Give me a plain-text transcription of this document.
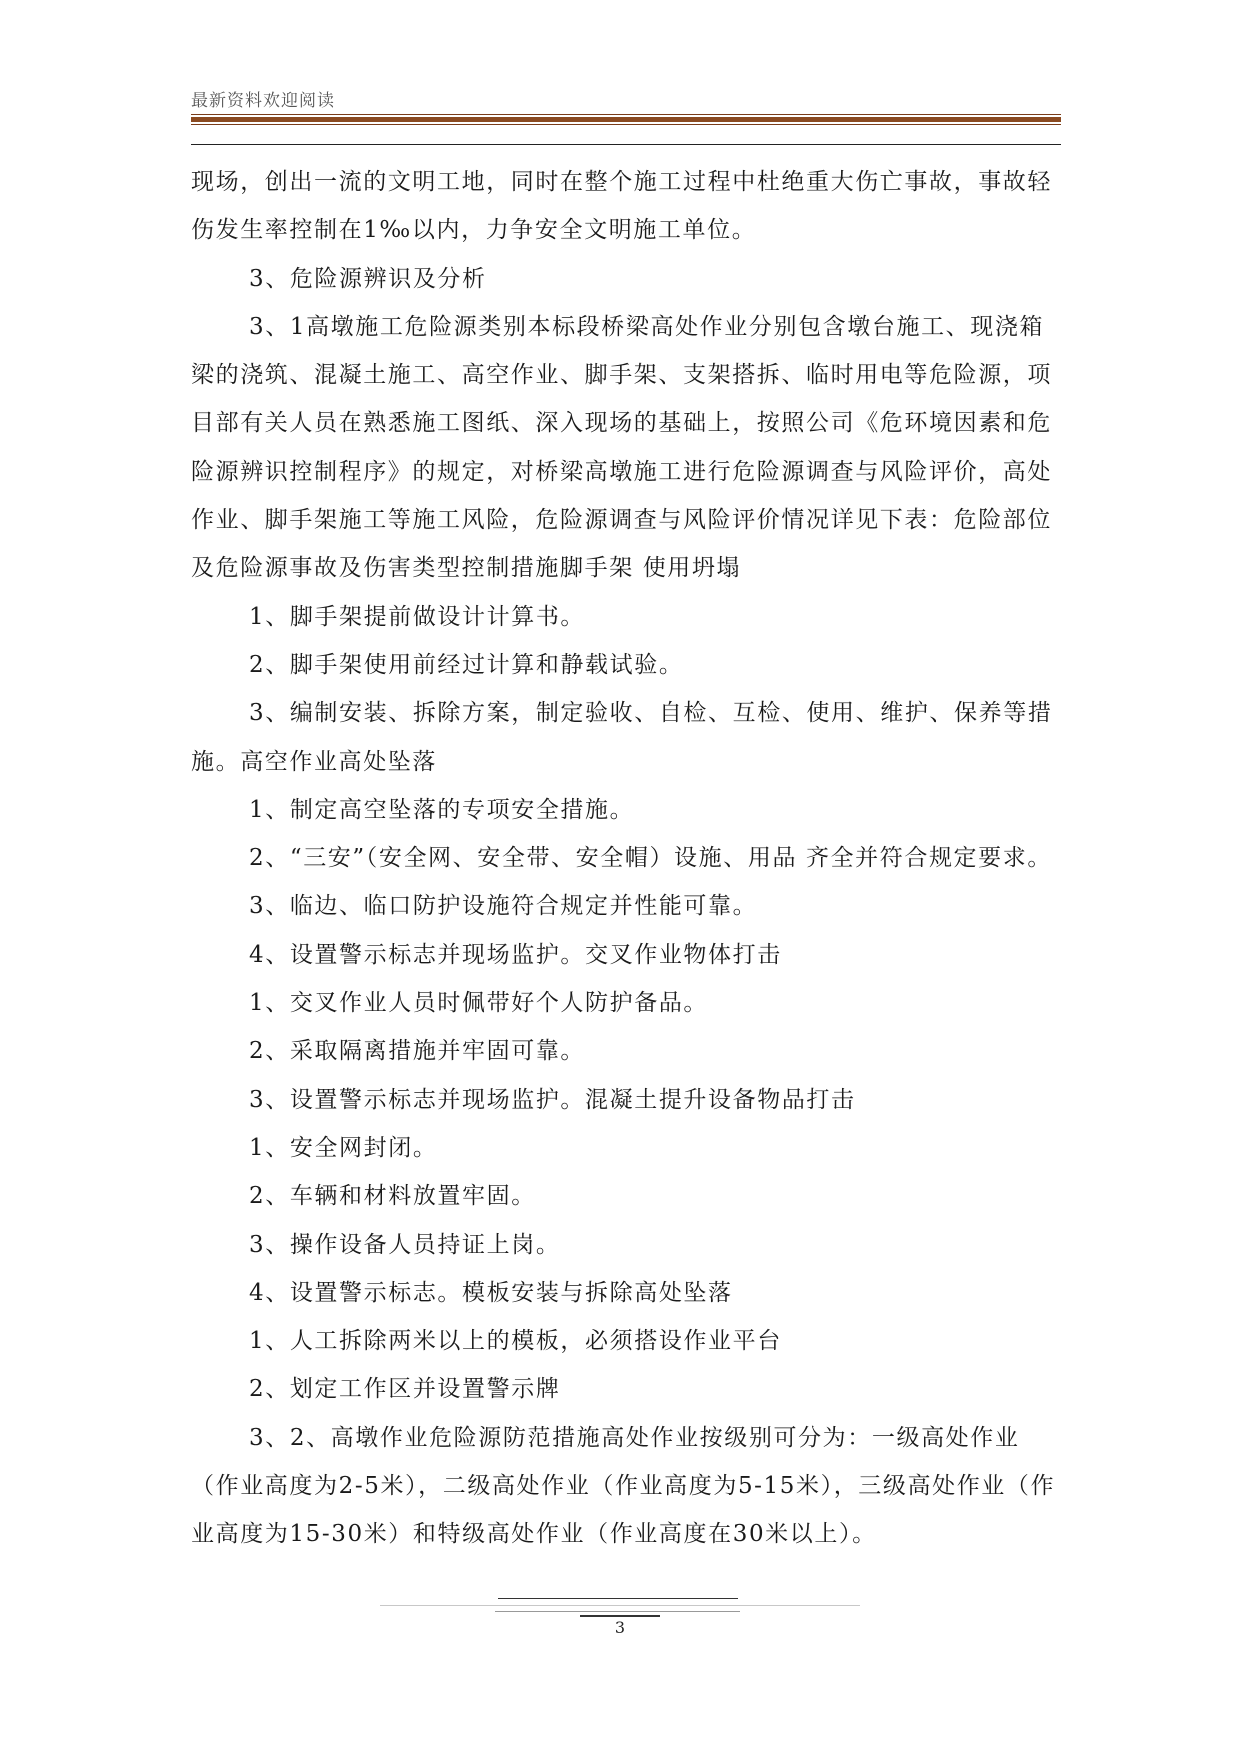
最新资料欢迎阅读

现场，创出一流的文明工地，同时在整个施工过程中杜绝重大伤亡事故，事故轻伤发生率控制在1‰以内，力争安全文明施工单位。

3、危险源辨识及分析

3、1高墩施工危险源类别本标段桥梁高处作业分别包含墩台施工、现浇箱梁的浇筑、混凝土施工、高空作业、脚手架、支架搭拆、临时用电等危险源，项目部有关人员在熟悉施工图纸、深入现场的基础上，按照公司《危环境因素和危险源辨识控制程序》的规定，对桥梁高墩施工进行危险源调查与风险评价，高处作业、脚手架施工等施工风险，危险源调查与风险评价情况详见下表：危险部位及危险源事故及伤害类型控制措施脚手架 使用坍塌

1、脚手架提前做设计计算书。

2、脚手架使用前经过计算和静载试验。

3、编制安装、拆除方案，制定验收、自检、互检、使用、维护、保养等措施。高空作业高处坠落

1、制定高空坠落的专项安全措施。

2、“三安”（安全网、安全带、安全帽）设施、用品 齐全并符合规定要求。

3、临边、临口防护设施符合规定并性能可靠。

4、设置警示标志并现场监护。交叉作业物体打击

1、交叉作业人员时佩带好个人防护备品。

2、采取隔离措施并牢固可靠。

3、设置警示标志并现场监护。混凝土提升设备物品打击

1、安全网封闭。

2、车辆和材料放置牢固。

3、操作设备人员持证上岗。

4、设置警示标志。模板安装与拆除高处坠落

1、人工拆除两米以上的模板，必须搭设作业平台

2、划定工作区并设置警示牌

3、2、高墩作业危险源防范措施高处作业按级别可分为：一级高处作业（作业高度为2-5米），二级高处作业（作业高度为5-15米），三级高处作业（作业高度为15-30米）和特级高处作业（作业高度在30米以上）。

3
